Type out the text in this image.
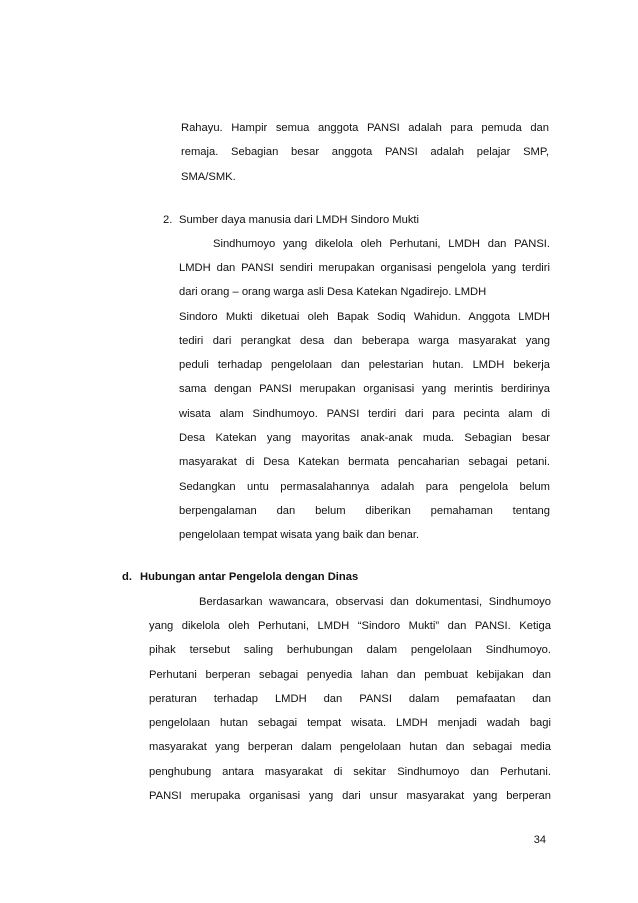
Rahayu. Hampir semua anggota PANSI adalah para pemuda dan
remaja. Sebagian besar anggota PANSI adalah pelajar SMP,
SMA/SMK.
2. Sumber daya manusia dari LMDH Sindoro Mukti
Sindhumoyo yang dikelola oleh Perhutani, LMDH dan PANSI.
LMDH dan PANSI sendiri merupakan organisasi pengelola yang terdiri
dari orang – orang warga asli Desa Katekan Ngadirejo. LMDH
Sindoro Mukti diketuai oleh Bapak Sodiq Wahidun. Anggota LMDH
tediri dari perangkat desa dan beberapa warga masyarakat yang
peduli terhadap pengelolaan dan pelestarian hutan. LMDH bekerja
sama dengan PANSI merupakan organisasi yang merintis berdirinya
wisata alam Sindhumoyo. PANSI terdiri dari para pecinta alam di
Desa Katekan yang mayoritas anak-anak muda. Sebagian besar
masyarakat di Desa Katekan bermata pencaharian sebagai petani.
Sedangkan untu permasalahannya adalah para pengelola belum
berpengalaman dan belum diberikan pemahaman tentang
pengelolaan tempat wisata yang baik dan benar.
d. Hubungan antar Pengelola dengan Dinas
Berdasarkan wawancara, observasi dan dokumentasi, Sindhumoyo
yang dikelola oleh Perhutani, LMDH “Sindoro Mukti” dan PANSI. Ketiga
pihak tersebut saling berhubungan dalam pengelolaan Sindhumoyo.
Perhutani berperan sebagai penyedia lahan dan pembuat kebijakan dan
peraturan terhadap LMDH dan PANSI dalam pemafaatan dan
pengelolaan hutan sebagai tempat wisata. LMDH menjadi wadah bagi
masyarakat yang berperan dalam pengelolaan hutan dan sebagai media
penghubung antara masyarakat di sekitar Sindhumoyo dan Perhutani.
PANSI merupaka organisasi yang dari unsur masyarakat yang berperan
34
